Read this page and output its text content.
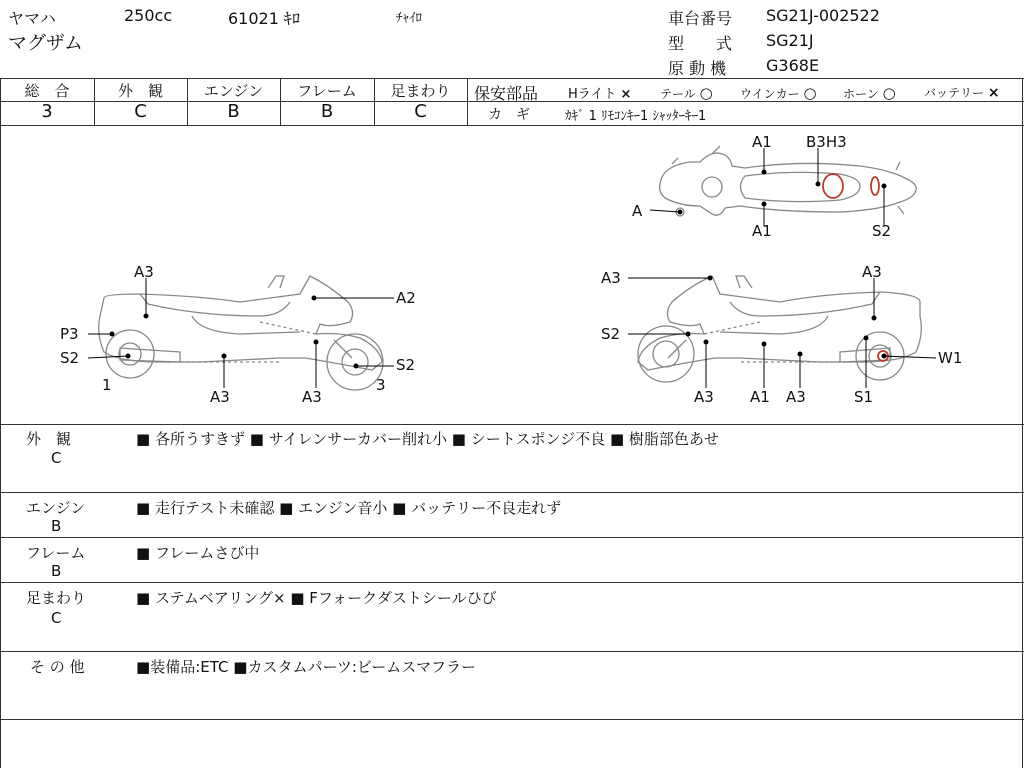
ヤマハ	250cc	61021 ｷﾛ	ﾁｬｲﾛ
マグザム
車台番号 SG21J-002522
型　　式 SG21J
原 動 機 G368E
総　合	外　観	エンジン	フレーム	足まわり
3	C	B	B	C
保安部品 Hライト × テール ○ ウインカー ○ ホーン ○ バッテリー ×
カ　ギ	ｶｷﾞ 1 ﾘﾓｺﾝｷｰ1 ｼｬｯﾀｰｷｰ1
A1 B3H3
A
A1	S2
A3
A2
P3
S2	S2
1	3
A3	A3
A3	A3
S2
W1
A3 A1 A3	S1
外　観
C
■ 各所うすきず ■ サイレンサーカバー削れ小 ■ シートスポンジ不良 ■ 樹脂部色あせ
エンジン
B
■ 走行テスト未確認 ■ エンジン音小 ■ バッテリー不良走れず
フレーム
B
■ フレームさび中
足まわり
C
■ ステムベアリング× ■ Fフォークダストシールひび
そ の 他	■装備品:ETC ■カスタムパーツ:ビームスマフラー
